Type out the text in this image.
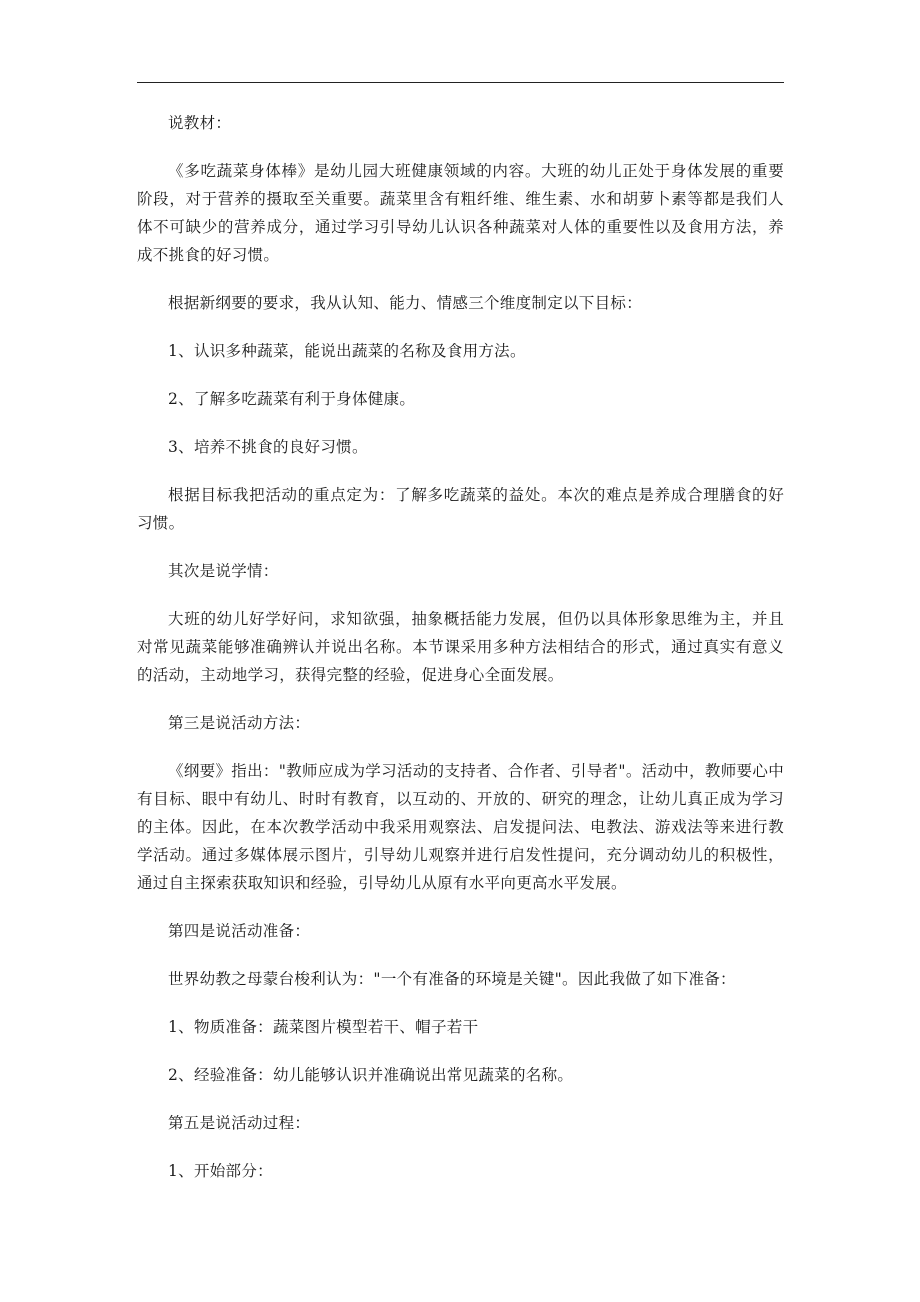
说教材：

《多吃蔬菜身体棒》是幼儿园大班健康领域的内容。大班的幼儿正处于身体发展的重要阶段，对于营养的摄取至关重要。蔬菜里含有粗纤维、维生素、水和胡萝卜素等都是我们人体不可缺少的营养成分，通过学习引导幼儿认识各种蔬菜对人体的重要性以及食用方法，养成不挑食的好习惯。

根据新纲要的要求，我从认知、能力、情感三个维度制定以下目标：

1、认识多种蔬菜，能说出蔬菜的名称及食用方法。

2、了解多吃蔬菜有利于身体健康。

3、培养不挑食的良好习惯。

根据目标我把活动的重点定为：了解多吃蔬菜的益处。本次的难点是养成合理膳食的好习惯。

其次是说学情：

大班的幼儿好学好问，求知欲强，抽象概括能力发展，但仍以具体形象思维为主，并且对常见蔬菜能够准确辨认并说出名称。本节课采用多种方法相结合的形式，通过真实有意义的活动，主动地学习，获得完整的经验，促进身心全面发展。

第三是说活动方法：

《纲要》指出："教师应成为学习活动的支持者、合作者、引导者"。活动中，教师要心中有目标、眼中有幼儿、时时有教育，以互动的、开放的、研究的理念，让幼儿真正成为学习的主体。因此，在本次教学活动中我采用观察法、启发提问法、电教法、游戏法等来进行教学活动。通过多媒体展示图片，引导幼儿观察并进行启发性提问，充分调动幼儿的积极性，通过自主探索获取知识和经验，引导幼儿从原有水平向更高水平发展。

第四是说活动准备：

世界幼教之母蒙台梭利认为："一个有准备的环境是关键"。因此我做了如下准备：

1、物质准备：蔬菜图片模型若干、帽子若干

2、经验准备：幼儿能够认识并准确说出常见蔬菜的名称。

第五是说活动过程：

1、开始部分：
